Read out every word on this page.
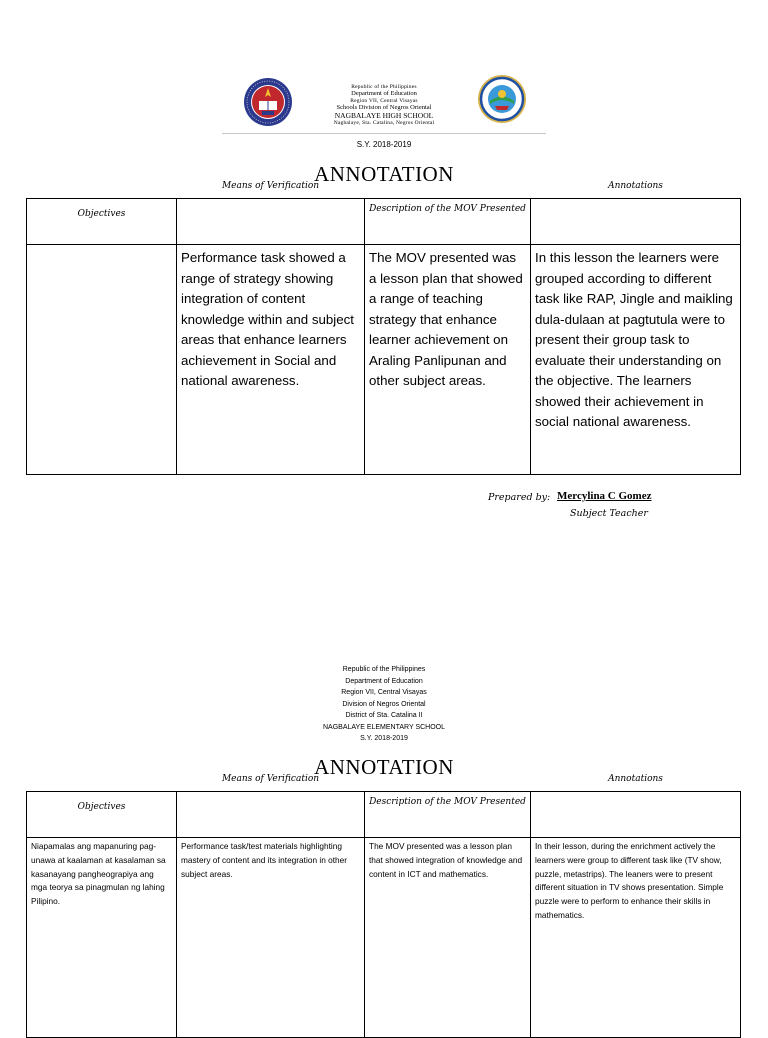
Republic of the Philippines
Department of Education
Region VII, Central Visayas
Schools Division of Negros Oriental
NAGBALAYE HIGH SCHOOL
Nagbalaye, Sta. Catalina, Negros Oriental
S.Y. 2018-2019
ANNOTATION
Objectives	Means of Verification	Description of the MOV Presented	Annotations

	Performance task showed a range of strategy showing integration of content knowledge within and subject areas that enhance learners achievement in Social and national awareness.	The MOV presented was a lesson plan that showed a range of teaching strategy that enhance learner achievement on Araling Panlipunan and other subject areas.	In this lesson the learners were grouped according to different task like RAP, Jingle and maikling dula-dulaan at pagtutula were to present their group task to evaluate their understanding on the objective. The learners showed their achievement in social national awareness.
Prepared by: Mercylina C Gomez
Subject Teacher
Republic of the Philippines
Department of Education
Region VII, Central Visayas
Division of Negros Oriental
District of Sta. Catalina II
NAGBALAYE ELEMENTARY SCHOOL
S.Y. 2018-2019
ANNOTATION
Objectives	Means of Verification	Description of the MOV Presented	Annotations

Niapamalas ang mapanuring pag-unawa at kaalaman at kasalaman sa kasanayang pangheograpiya ang mga teorya sa pinagmulan ng lahing Pilipino.	Performance task/test materials highlighting mastery of content and its integration in other subject areas.	The MOV presented was a lesson plan that showed integration of knowledge and content in ICT and mathematics.	In their lesson, during the enrichment actively the learners were group to different task like (TV show, puzzle, metastrips). The leaners were to present different situation in TV shows presentation. Simple puzzle were to perform to enhance their skills in mathematics.
